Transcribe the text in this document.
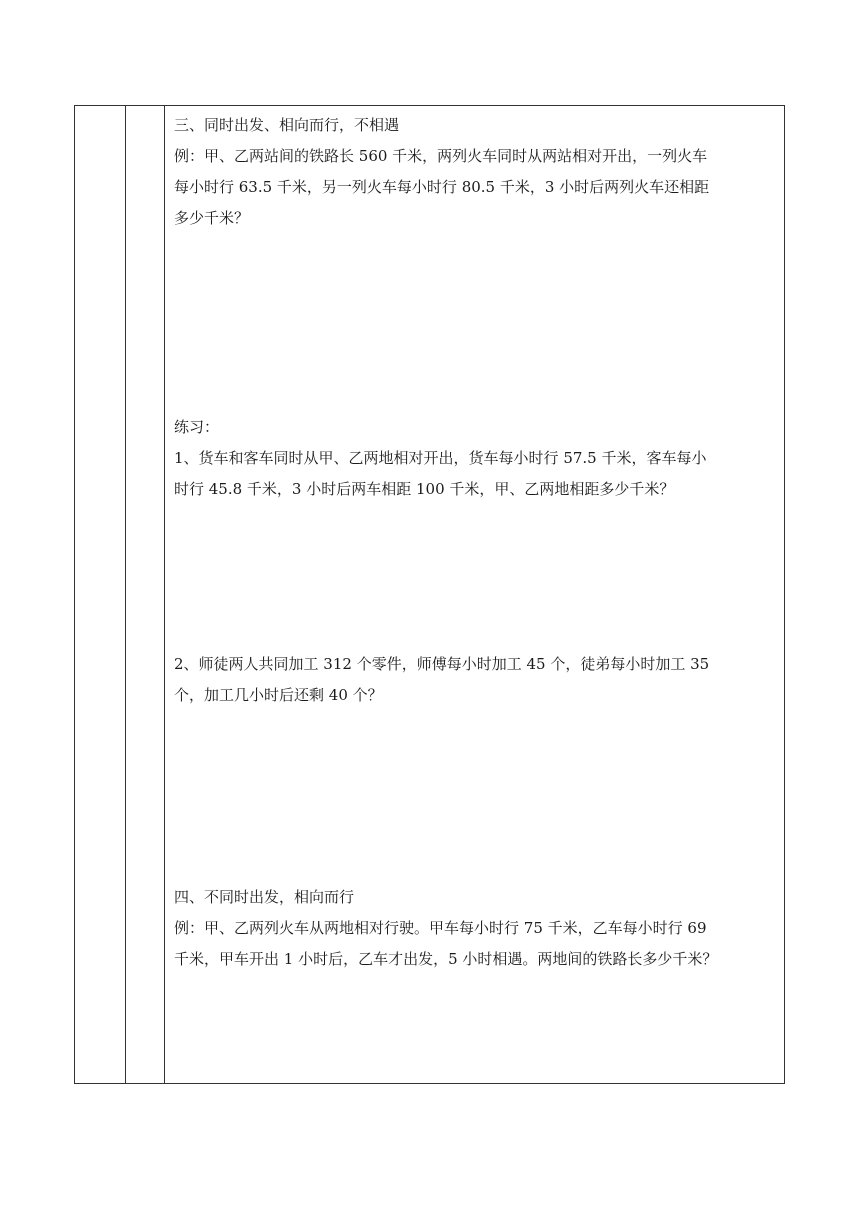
三、同时出发、相向而行，不相遇

例：甲、乙两站间的铁路长 560 千米，两列火车同时从两站相对开出，一列火车

每小时行 63.5 千米，另一列火车每小时行 80.5 千米，3 小时后两列火车还相距

多少千米？

练习：

1、货车和客车同时从甲、乙两地相对开出，货车每小时行 57.5 千米，客车每小

时行 45.8 千米，3 小时后两车相距 100 千米，甲、乙两地相距多少千米？

2、师徒两人共同加工 312 个零件，师傅每小时加工 45 个，徒弟每小时加工 35

个，加工几小时后还剩 40 个？

四、不同时出发，相向而行

例：甲、乙两列火车从两地相对行驶。甲车每小时行 75 千米，乙车每小时行 69

千米，甲车开出 1 小时后，乙车才出发，5 小时相遇。两地间的铁路长多少千米？
